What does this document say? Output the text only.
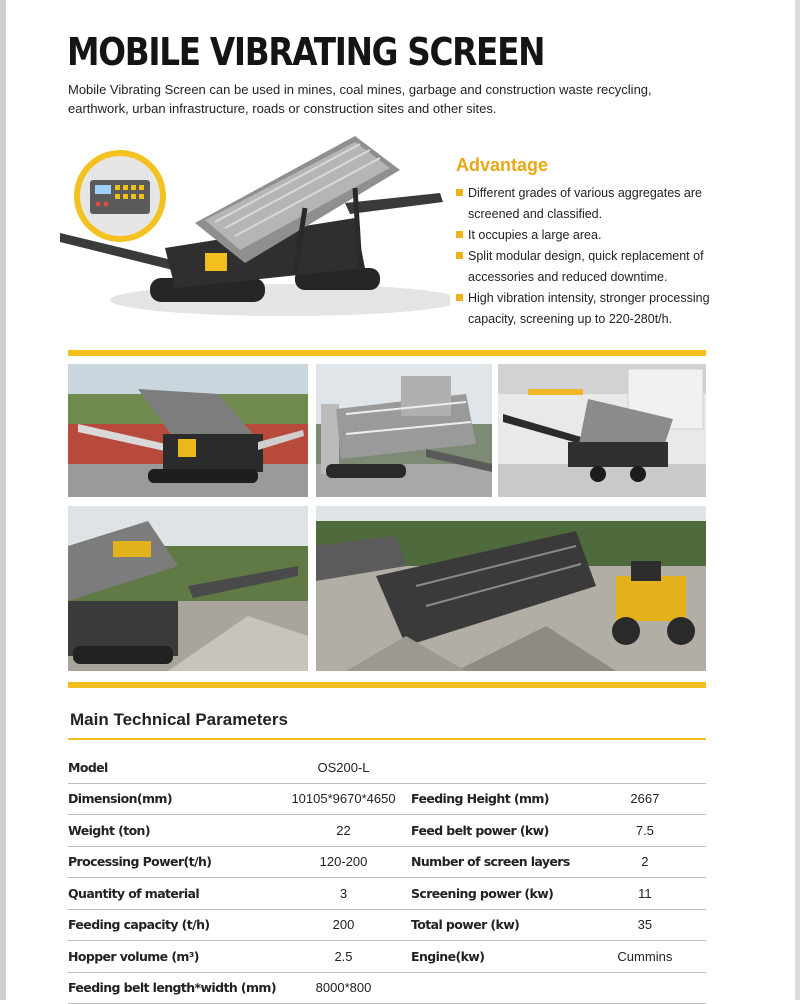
MOBILE VIBRATING SCREEN
Mobile Vibrating Screen can be used in mines, coal mines, garbage and construction waste recycling, earthwork, urban infrastructure, roads or construction sites and other sites.
Advantage
Different grades of various aggregates are screened and classified.
It occupies a large area.
Split modular design, quick replacement of accessories and reduced downtime.
High vibration intensity, stronger processing capacity, screening up to 220-280t/h.
Main Technical Parameters
Model	OS200-L		
Dimension(mm)	10105*9670*4650	Feeding Height (mm)	2667
Weight (ton)	22	Feed belt power (kw)	7.5
Processing Power(t/h)	120-200	Number of screen layers	2
Quantity of material	3	Screening power (kw)	11
Feeding capacity (t/h)	200	Total power (kw)	35
Hopper volume (m³)	2.5	Engine(kw)	Cummins
Feeding belt length*width (mm)	8000*800		
